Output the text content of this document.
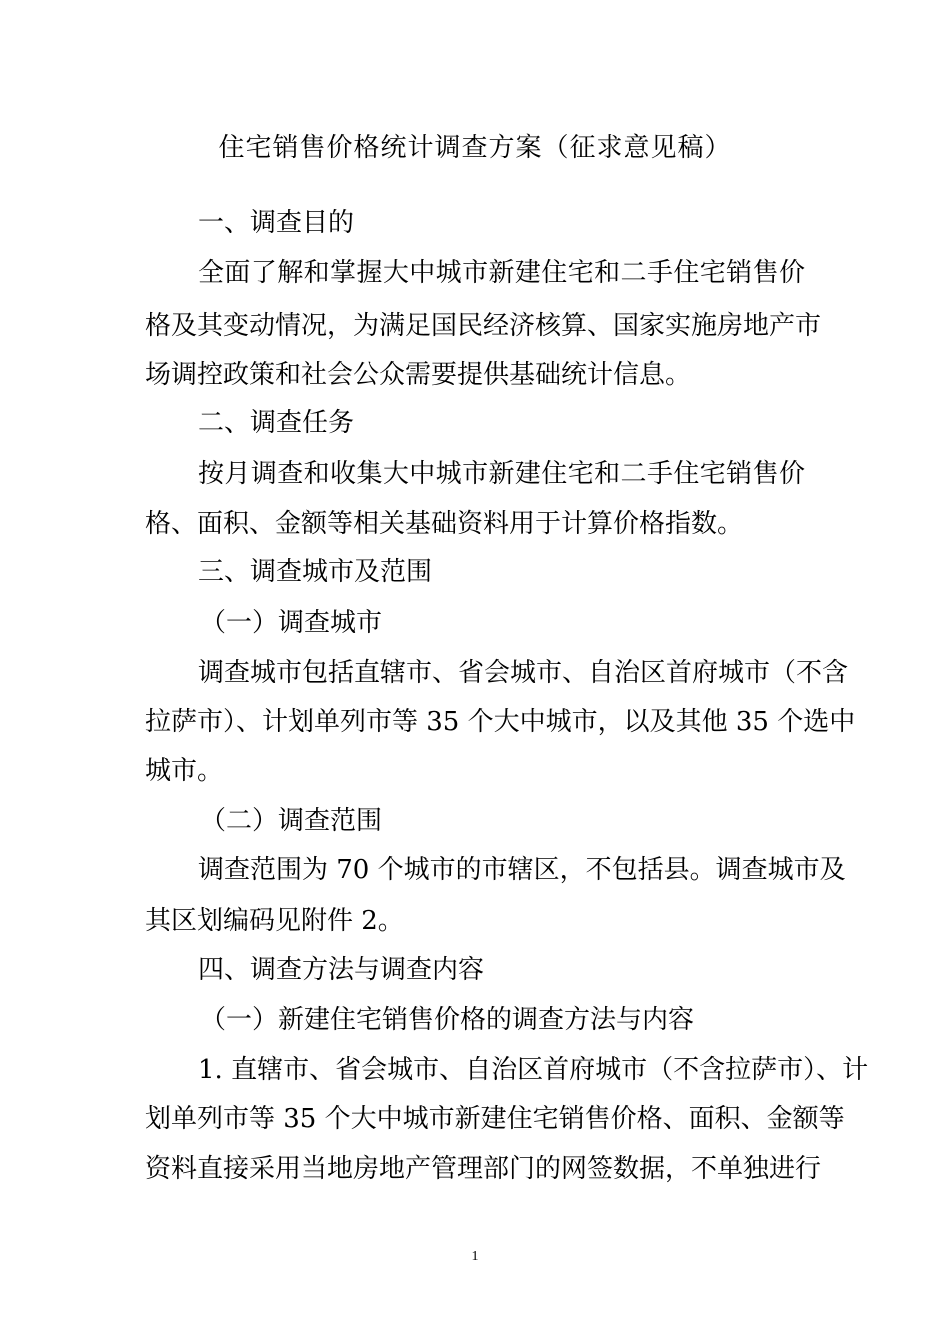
住宅销售价格统计调查方案（征求意见稿）
一、调查目的
全面了解和掌握大中城市新建住宅和二手住宅销售价
格及其变动情况，为满足国民经济核算、国家实施房地产市
场调控政策和社会公众需要提供基础统计信息。
二、调查任务
按月调查和收集大中城市新建住宅和二手住宅销售价
格、面积、金额等相关基础资料用于计算价格指数。
三、调查城市及范围
（一）调查城市
调查城市包括直辖市、省会城市、自治区首府城市（不含
拉萨市）、计划单列市等 35 个大中城市，以及其他 35 个选中
城市。
（二）调查范围
调查范围为 70 个城市的市辖区，不包括县。调查城市及
其区划编码见附件 2。
四、调查方法与调查内容
（一）新建住宅销售价格的调查方法与内容
1. 直辖市、省会城市、自治区首府城市（不含拉萨市）、计
划单列市等 35 个大中城市新建住宅销售价格、面积、金额等
资料直接采用当地房地产管理部门的网签数据，不单独进行
1
